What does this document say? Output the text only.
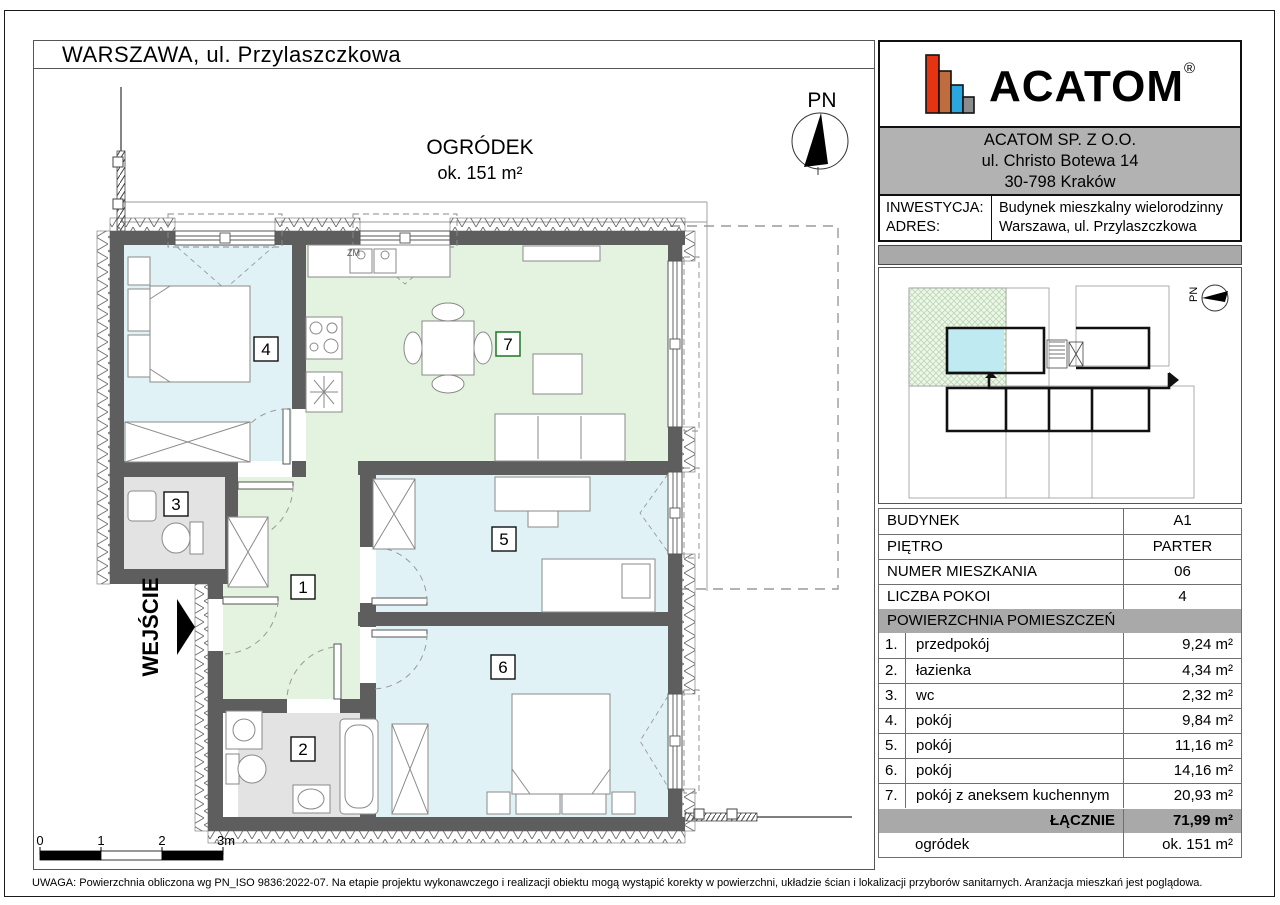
WARSZAWA, ul. Przylaszczkowa
1
2
3
4
5
6
7
OGRÓDEK
ok. 151 m²
ZM
PN
WEJŚCIE
0	1	2	3m
ACATOM®
ACATOM SP. Z O.O.
ul. Christo Botewa 14
30-798 Kraków
INWESTYCJA:
ADRES:
Budynek mieszkalny wielorodzinny
Warszawa, ul. Przylaszczkowa
PN
BUDYNEK	A1
PIĘTRO	PARTER
NUMER MIESZKANIA	06
LICZBA POKOI	4
POWIERZCHNIA POMIESZCZEŃ
1.	przedpokój	9,24 m²
2.	łazienka	4,34 m²
3.	wc	2,32 m²
4.	pokój	9,84 m²
5.	pokój	11,16 m²
6.	pokój	14,16 m²
7.	pokój z aneksem kuchennym	20,93 m²
ŁĄCZNIE	71,99 m²
ogródek	ok. 151 m²
UWAGA: Powierzchnia obliczona wg PN_ISO 9836:2022-07. Na etapie projektu wykonawczego i realizacji obiektu mogą wystąpić korekty w powierzchni, układzie ścian i lokalizacji przyborów sanitarnych. Aranżacja mieszkań jest poglądowa.
